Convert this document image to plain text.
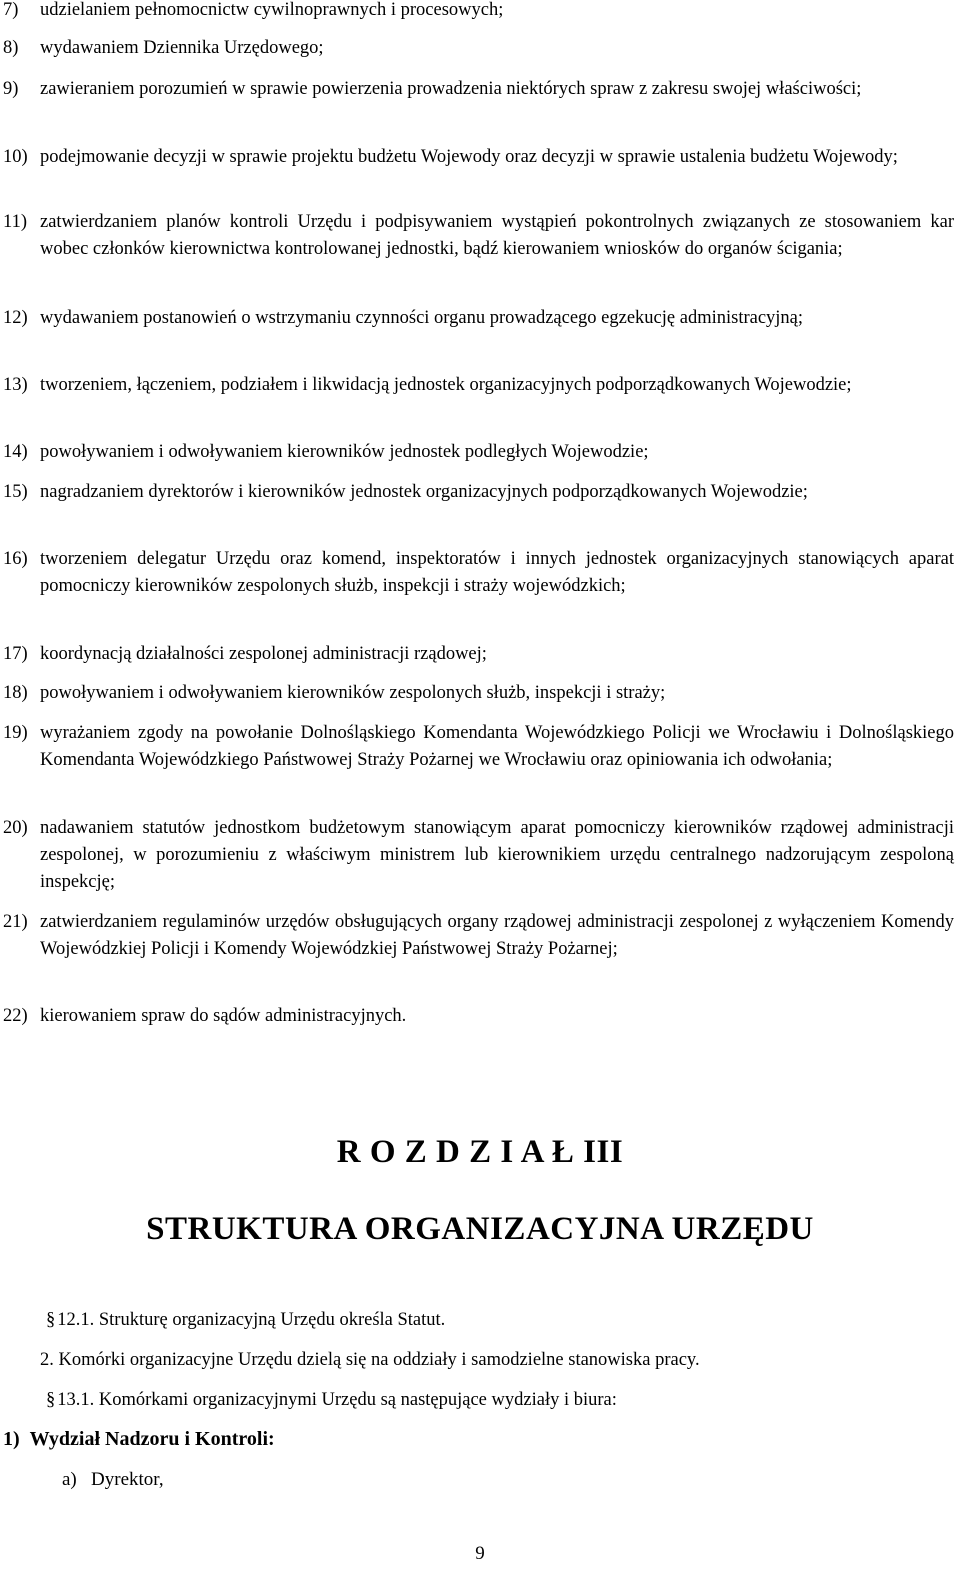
7) udzielaniem pełnomocnictw cywilnoprawnych i procesowych;
8) wydawaniem Dziennika Urzędowego;
9) zawieraniem porozumień w sprawie powierzenia prowadzenia niektórych spraw z zakresu swojej właściwości;
10) podejmowanie decyzji w sprawie projektu budżetu Wojewody oraz decyzji w sprawie ustalenia budżetu Wojewody;
11) zatwierdzaniem planów kontroli Urzędu i podpisywaniem wystąpień pokontrolnych związanych ze stosowaniem kar wobec członków kierownictwa kontrolowanej jednostki, bądź kierowaniem wniosków do organów ścigania;
12) wydawaniem postanowień o wstrzymaniu czynności organu prowadzącego egzekucję administracyjną;
13) tworzeniem, łączeniem, podziałem i likwidacją jednostek organizacyjnych podporządkowanych Wojewodzie;
14) powoływaniem i odwoływaniem kierowników jednostek podległych Wojewodzie;
15) nagradzaniem dyrektorów i kierowników jednostek organizacyjnych podporządkowanych Wojewodzie;
16) tworzeniem delegatur Urzędu oraz komend, inspektoratów i innych jednostek organizacyjnych stanowiących aparat pomocniczy kierowników zespolonych służb, inspekcji i straży wojewódzkich;
17) koordynacją działalności zespolonej administracji rządowej;
18) powoływaniem i odwoływaniem kierowników zespolonych służb, inspekcji i straży;
19) wyrażaniem zgody na powołanie Dolnośląskiego Komendanta Wojewódzkiego Policji we Wrocławiu i Dolnośląskiego Komendanta Wojewódzkiego Państwowej Straży Pożarnej we Wrocławiu oraz opiniowania ich odwołania;
20) nadawaniem statutów jednostkom budżetowym stanowiącym aparat pomocniczy kierowników rządowej administracji zespolonej, w porozumieniu z właściwym ministrem lub kierownikiem urzędu centralnego nadzorującym zespoloną inspekcję;
21) zatwierdzaniem regulaminów urzędów obsługujących organy rządowej administracji zespolonej z wyłączeniem Komendy Wojewódzkiej Policji i Komendy Wojewódzkiej Państwowej Straży Pożarnej;
22) kierowaniem spraw do sądów administracyjnych.
R O Z D Z I A Ł III
STRUKTURA ORGANIZACYJNA URZĘDU
§ 12.1. Strukturę organizacyjną Urzędu określa Statut.
2. Komórki organizacyjne Urzędu dzielą się na oddziały i samodzielne stanowiska pracy.
§ 13.1. Komórkami organizacyjnymi Urzędu są następujące wydziały i biura:
1) Wydział Nadzoru i Kontroli:
a) Dyrektor,
9
